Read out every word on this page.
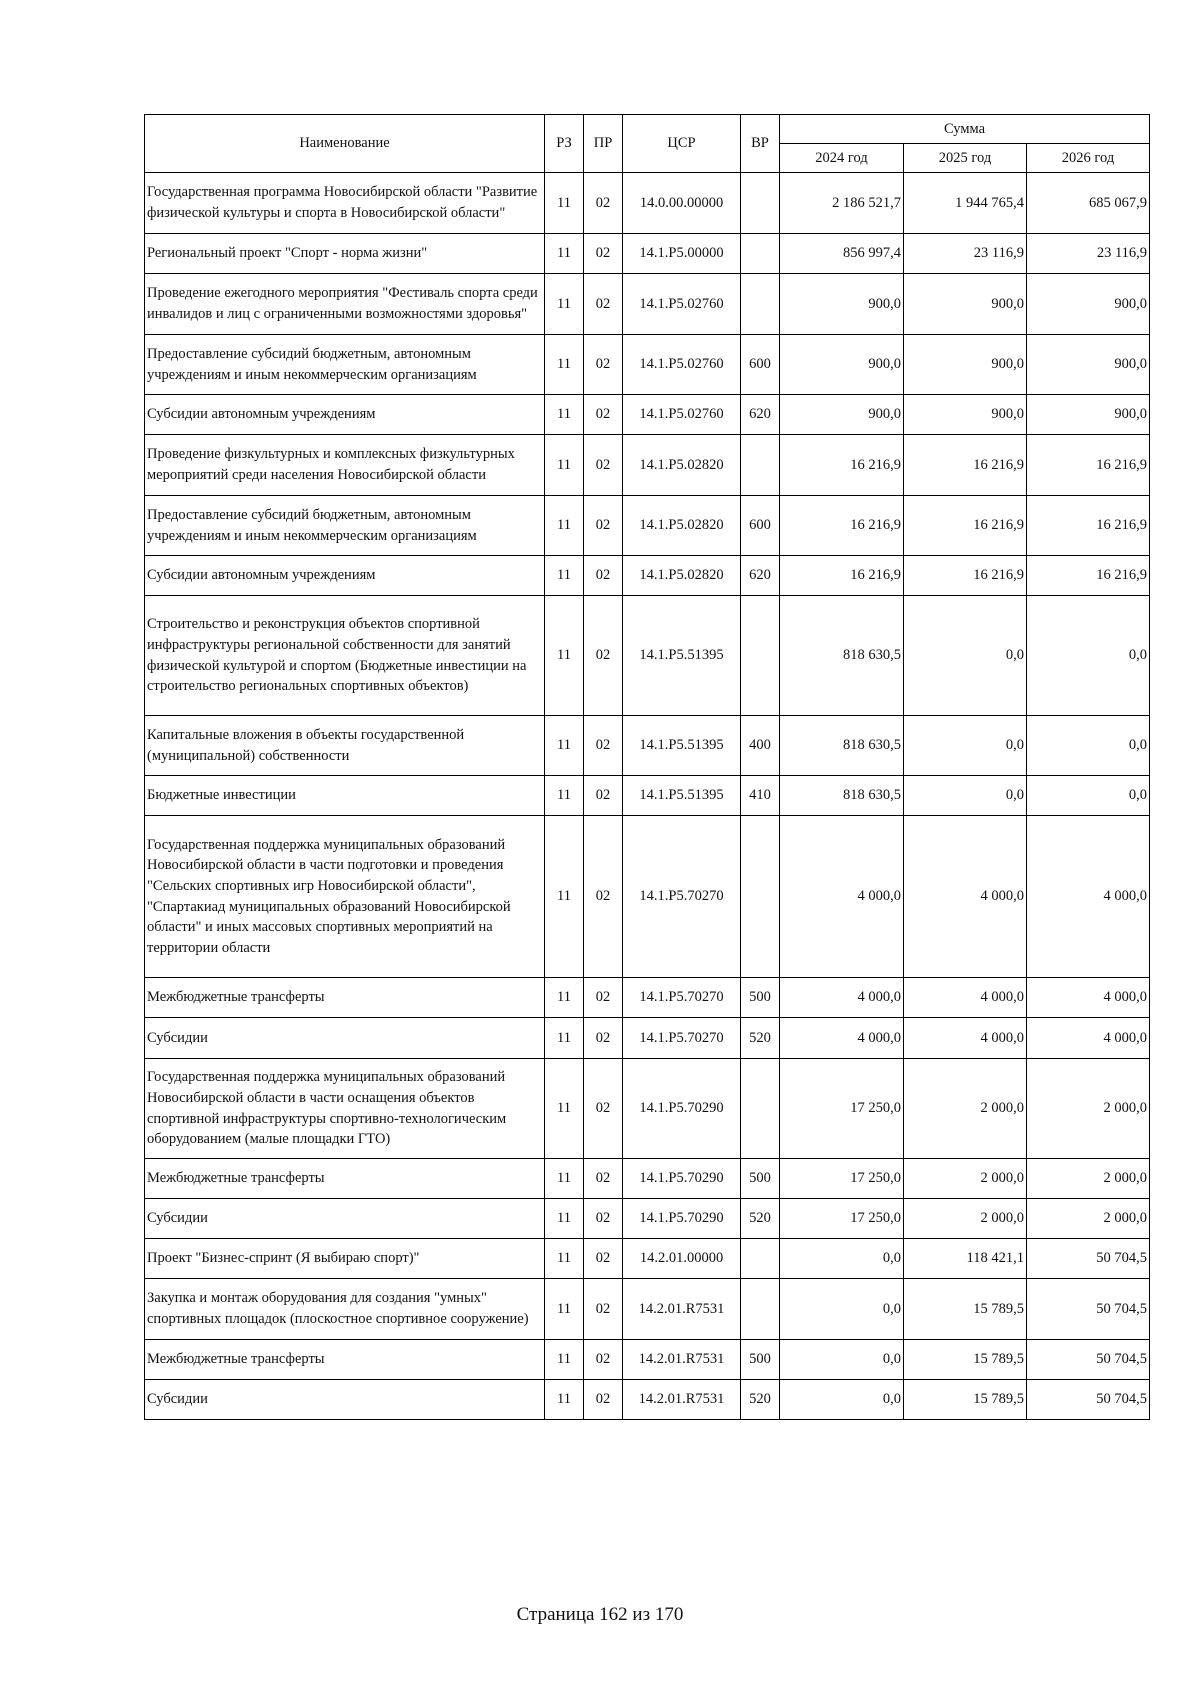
Наименование	РЗ	ПР	ЦСР	ВР	Сумма		
					2024 год	2025 год	2026 год
Государственная программа Новосибирской области "Развитие физической культуры и спорта в Новосибирской области"	11	02	14.0.00.00000		2 186 521,7	1 944 765,4	685 067,9
Региональный проект "Спорт - норма жизни"	11	02	14.1.Р5.00000		856 997,4	23 116,9	23 116,9
Проведение ежегодного мероприятия "Фестиваль спорта среди инвалидов и лиц с ограниченными возможностями здоровья"	11	02	14.1.Р5.02760		900,0	900,0	900,0
Предоставление субсидий бюджетным, автономным учреждениям и иным некоммерческим организациям	11	02	14.1.Р5.02760	600	900,0	900,0	900,0
Субсидии автономным учреждениям	11	02	14.1.Р5.02760	620	900,0	900,0	900,0
Проведение физкультурных и комплексных физкультурных мероприятий среди населения Новосибирской области	11	02	14.1.Р5.02820		16 216,9	16 216,9	16 216,9
Предоставление субсидий бюджетным, автономным учреждениям и иным некоммерческим организациям	11	02	14.1.Р5.02820	600	16 216,9	16 216,9	16 216,9
Субсидии автономным учреждениям	11	02	14.1.Р5.02820	620	16 216,9	16 216,9	16 216,9
Строительство и реконструкция объектов спортивной инфраструктуры региональной собственности для занятий физической культурой и спортом (Бюджетные инвестиции на строительство региональных спортивных объектов)	11	02	14.1.Р5.51395		818 630,5	0,0	0,0
Капитальные вложения в объекты государственной (муниципальной) собственности	11	02	14.1.Р5.51395	400	818 630,5	0,0	0,0
Бюджетные инвестиции	11	02	14.1.Р5.51395	410	818 630,5	0,0	0,0
Государственная поддержка муниципальных образований Новосибирской области в части подготовки и проведения "Сельских спортивных игр Новосибирской области", "Спартакиад муниципальных образований Новосибирской области" и иных массовых спортивных мероприятий на территории области	11	02	14.1.Р5.70270		4 000,0	4 000,0	4 000,0
Межбюджетные трансферты	11	02	14.1.Р5.70270	500	4 000,0	4 000,0	4 000,0
Субсидии	11	02	14.1.Р5.70270	520	4 000,0	4 000,0	4 000,0
Государственная поддержка муниципальных образований Новосибирской области в части оснащения объектов спортивной инфраструктуры спортивно-технологическим оборудованием (малые площадки ГТО)	11	02	14.1.Р5.70290		17 250,0	2 000,0	2 000,0
Межбюджетные трансферты	11	02	14.1.Р5.70290	500	17 250,0	2 000,0	2 000,0
Субсидии	11	02	14.1.Р5.70290	520	17 250,0	2 000,0	2 000,0
Проект "Бизнес-спринт (Я выбираю спорт)"	11	02	14.2.01.00000		0,0	118 421,1	50 704,5
Закупка и монтаж оборудования для создания "умных" спортивных площадок (плоскостное спортивное сооружение)	11	02	14.2.01.R7531		0,0	15 789,5	50 704,5
Межбюджетные трансферты	11	02	14.2.01.R7531	500	0,0	15 789,5	50 704,5
Субсидии	11	02	14.2.01.R7531	520	0,0	15 789,5	50 704,5
Страница 162 из 170
